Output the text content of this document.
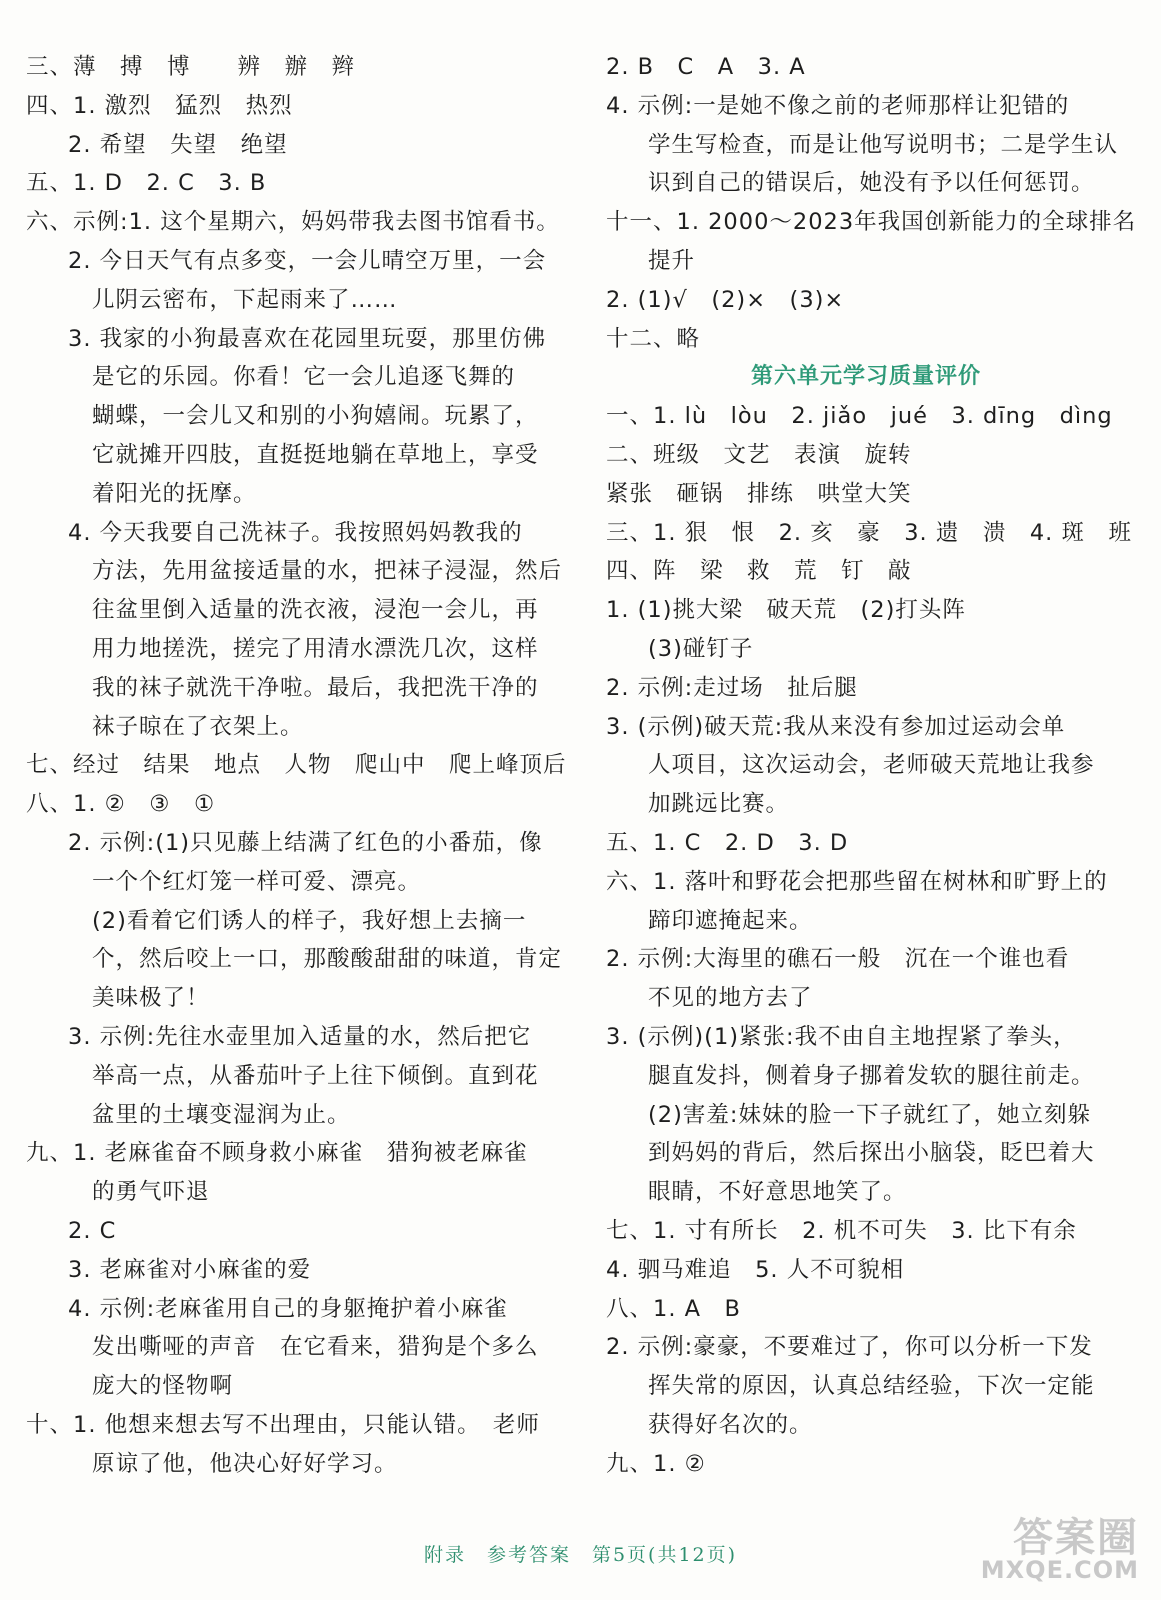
三、薄　搏　博　　辨　辦　辫
四、1. 激烈　猛烈　热烈
2. 希望　失望　绝望
五、1. D　2. C　3. B
六、示例:1. 这个星期六，妈妈带我去图书馆看书。
2. 今日天气有点多变，一会儿晴空万里，一会
儿阴云密布，下起雨来了……
3. 我家的小狗最喜欢在花园里玩耍，那里仿佛
是它的乐园。你看！它一会儿追逐飞舞的
蝴蝶，一会儿又和别的小狗嬉闹。玩累了，
它就摊开四肢，直挺挺地躺在草地上，享受
着阳光的抚摩。
4. 今天我要自己洗袜子。我按照妈妈教我的
方法，先用盆接适量的水，把袜子浸湿，然后
往盆里倒入适量的洗衣液，浸泡一会儿，再
用力地搓洗，搓完了用清水漂洗几次，这样
我的袜子就洗干净啦。最后，我把洗干净的
袜子晾在了衣架上。
七、经过　结果　地点　人物　爬山中　爬上峰顶后
八、1. ②　③　①
2. 示例:(1)只见藤上结满了红色的小番茄，像
一个个红灯笼一样可爱、漂亮。
(2)看着它们诱人的样子，我好想上去摘一
个，然后咬上一口，那酸酸甜甜的味道，肯定
美味极了！
3. 示例:先往水壶里加入适量的水，然后把它
举高一点，从番茄叶子上往下倾倒。直到花
盆里的土壤变湿润为止。
九、1. 老麻雀奋不顾身救小麻雀　猎狗被老麻雀
的勇气吓退
2. C
3. 老麻雀对小麻雀的爱
4. 示例:老麻雀用自己的身躯掩护着小麻雀
发出嘶哑的声音　在它看来，猎狗是个多么
庞大的怪物啊
十、1. 他想来想去写不出理由，只能认错。　老师
原谅了他，他决心好好学习。
2. B　C　A　3. A
4. 示例:一是她不像之前的老师那样让犯错的
学生写检查，而是让他写说明书；二是学生认
识到自己的错误后，她没有予以任何惩罚。
十一、1. 2000～2023年我国创新能力的全球排名
提升
2. (1)√　(2)×　(3)×
十二、略
第六单元学习质量评价
一、1. lù　lòu　2. jiǎo　jué　3. dīng　dìng
二、班级　文艺　表演　旋转
紧张　砸锅　排练　哄堂大笑
三、1. 狠　恨　2. 亥　豪　3. 遗　溃　4. 斑　班
四、阵　梁　救　荒　钉　敲
1. (1)挑大梁　破天荒　(2)打头阵
(3)碰钉子
2. 示例:走过场　扯后腿
3. (示例)破天荒:我从来没有参加过运动会单
人项目，这次运动会，老师破天荒地让我参
加跳远比赛。
五、1. C　2. D　3. D
六、1. 落叶和野花会把那些留在树林和旷野上的
蹄印遮掩起来。
2. 示例:大海里的礁石一般　沉在一个谁也看
不见的地方去了
3. (示例)(1)紧张:我不由自主地捏紧了拳头，
腿直发抖，侧着身子挪着发软的腿往前走。
(2)害羞:妹妹的脸一下子就红了，她立刻躲
到妈妈的背后，然后探出小脑袋，眨巴着大
眼睛，不好意思地笑了。
七、1. 寸有所长　2. 机不可失　3. 比下有余
4. 驷马难追　5. 人不可貌相
八、1. A　B
2. 示例:豪豪，不要难过了，你可以分析一下发
挥失常的原因，认真总结经验，下次一定能
获得好名次的。
九、1. ②
附录　参考答案　第5页(共12页)	答案圈
MXQE.COM
